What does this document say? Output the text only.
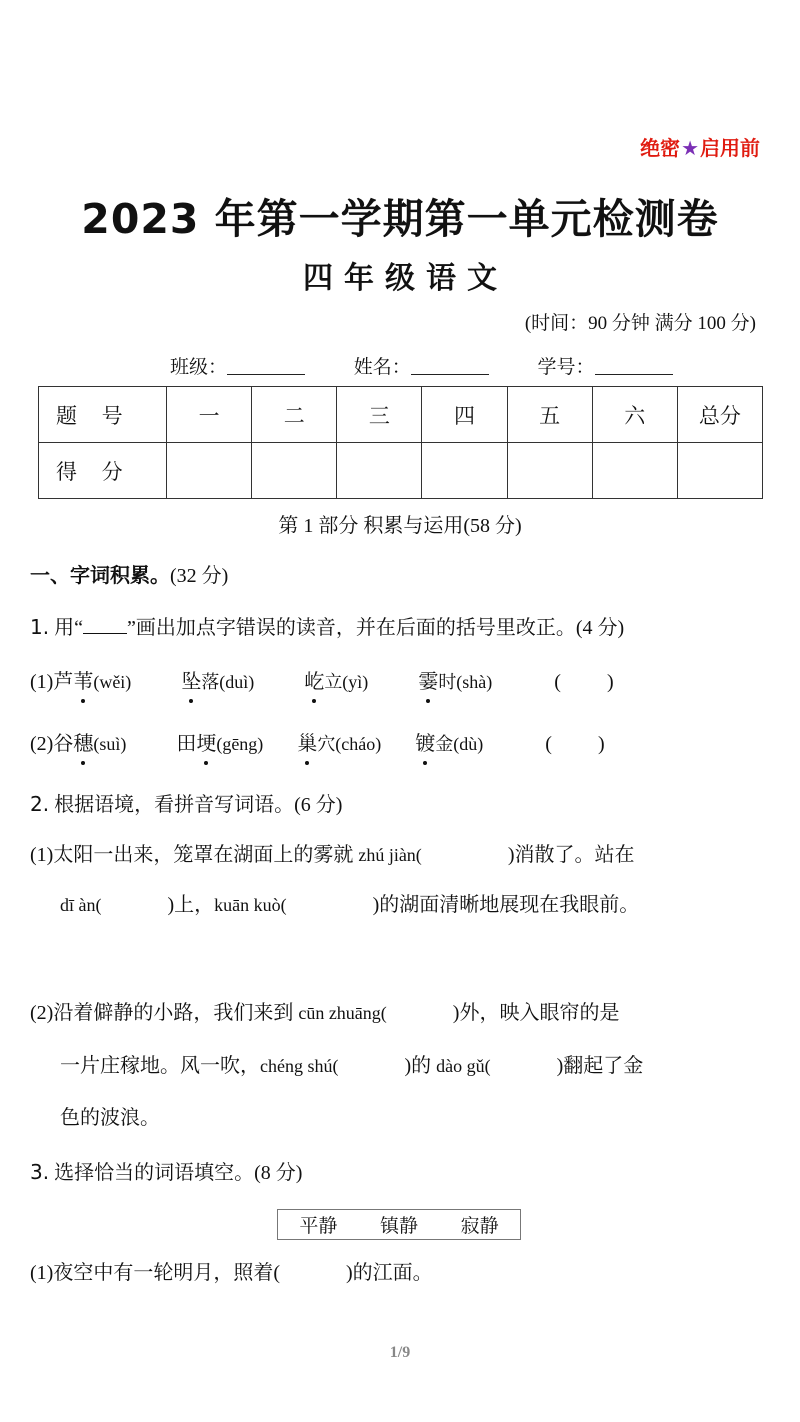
绝密★启用前
2023 年第一学期第一单元检测卷
四年级语文
(时间：90 分钟 满分 100 分)
班级：	姓名：	学号：
题 号	一	二	三	四	五	六	总分
得 分							
第 1 部分 积累与运用(58 分)
一、字词积累。(32 分)
1. 用“ ”画出加点字错误的读音，并在后面的括号里改正。(4 分)
(1)芦苇(wěi)	坠落(duì)	屹立(yì)	霎时(shà)	( )
(2)谷穗(suì)	田埂(gēng) 巢穴(cháo) 镀金(dù)	( )
2. 根据语境，看拼音写词语。(6 分)
(1)太阳一出来，笼罩在湖面上的雾就 zhú jiàn(	)消散了。站在
dī àn(	)上，kuān kuò(	)的湖面清晰地展现在我眼前。
(2)沿着僻静的小路，我们来到 cūn zhuāng(	)外，映入眼帘的是
一片庄稼地。风一吹，chéng shú(	)的 dào gǔ(	)翻起了金
色的波浪。
3. 选择恰当的词语填空。(8 分)
平静 镇静 寂静
(1)夜空中有一轮明月，照着(	)的江面。
1/9
